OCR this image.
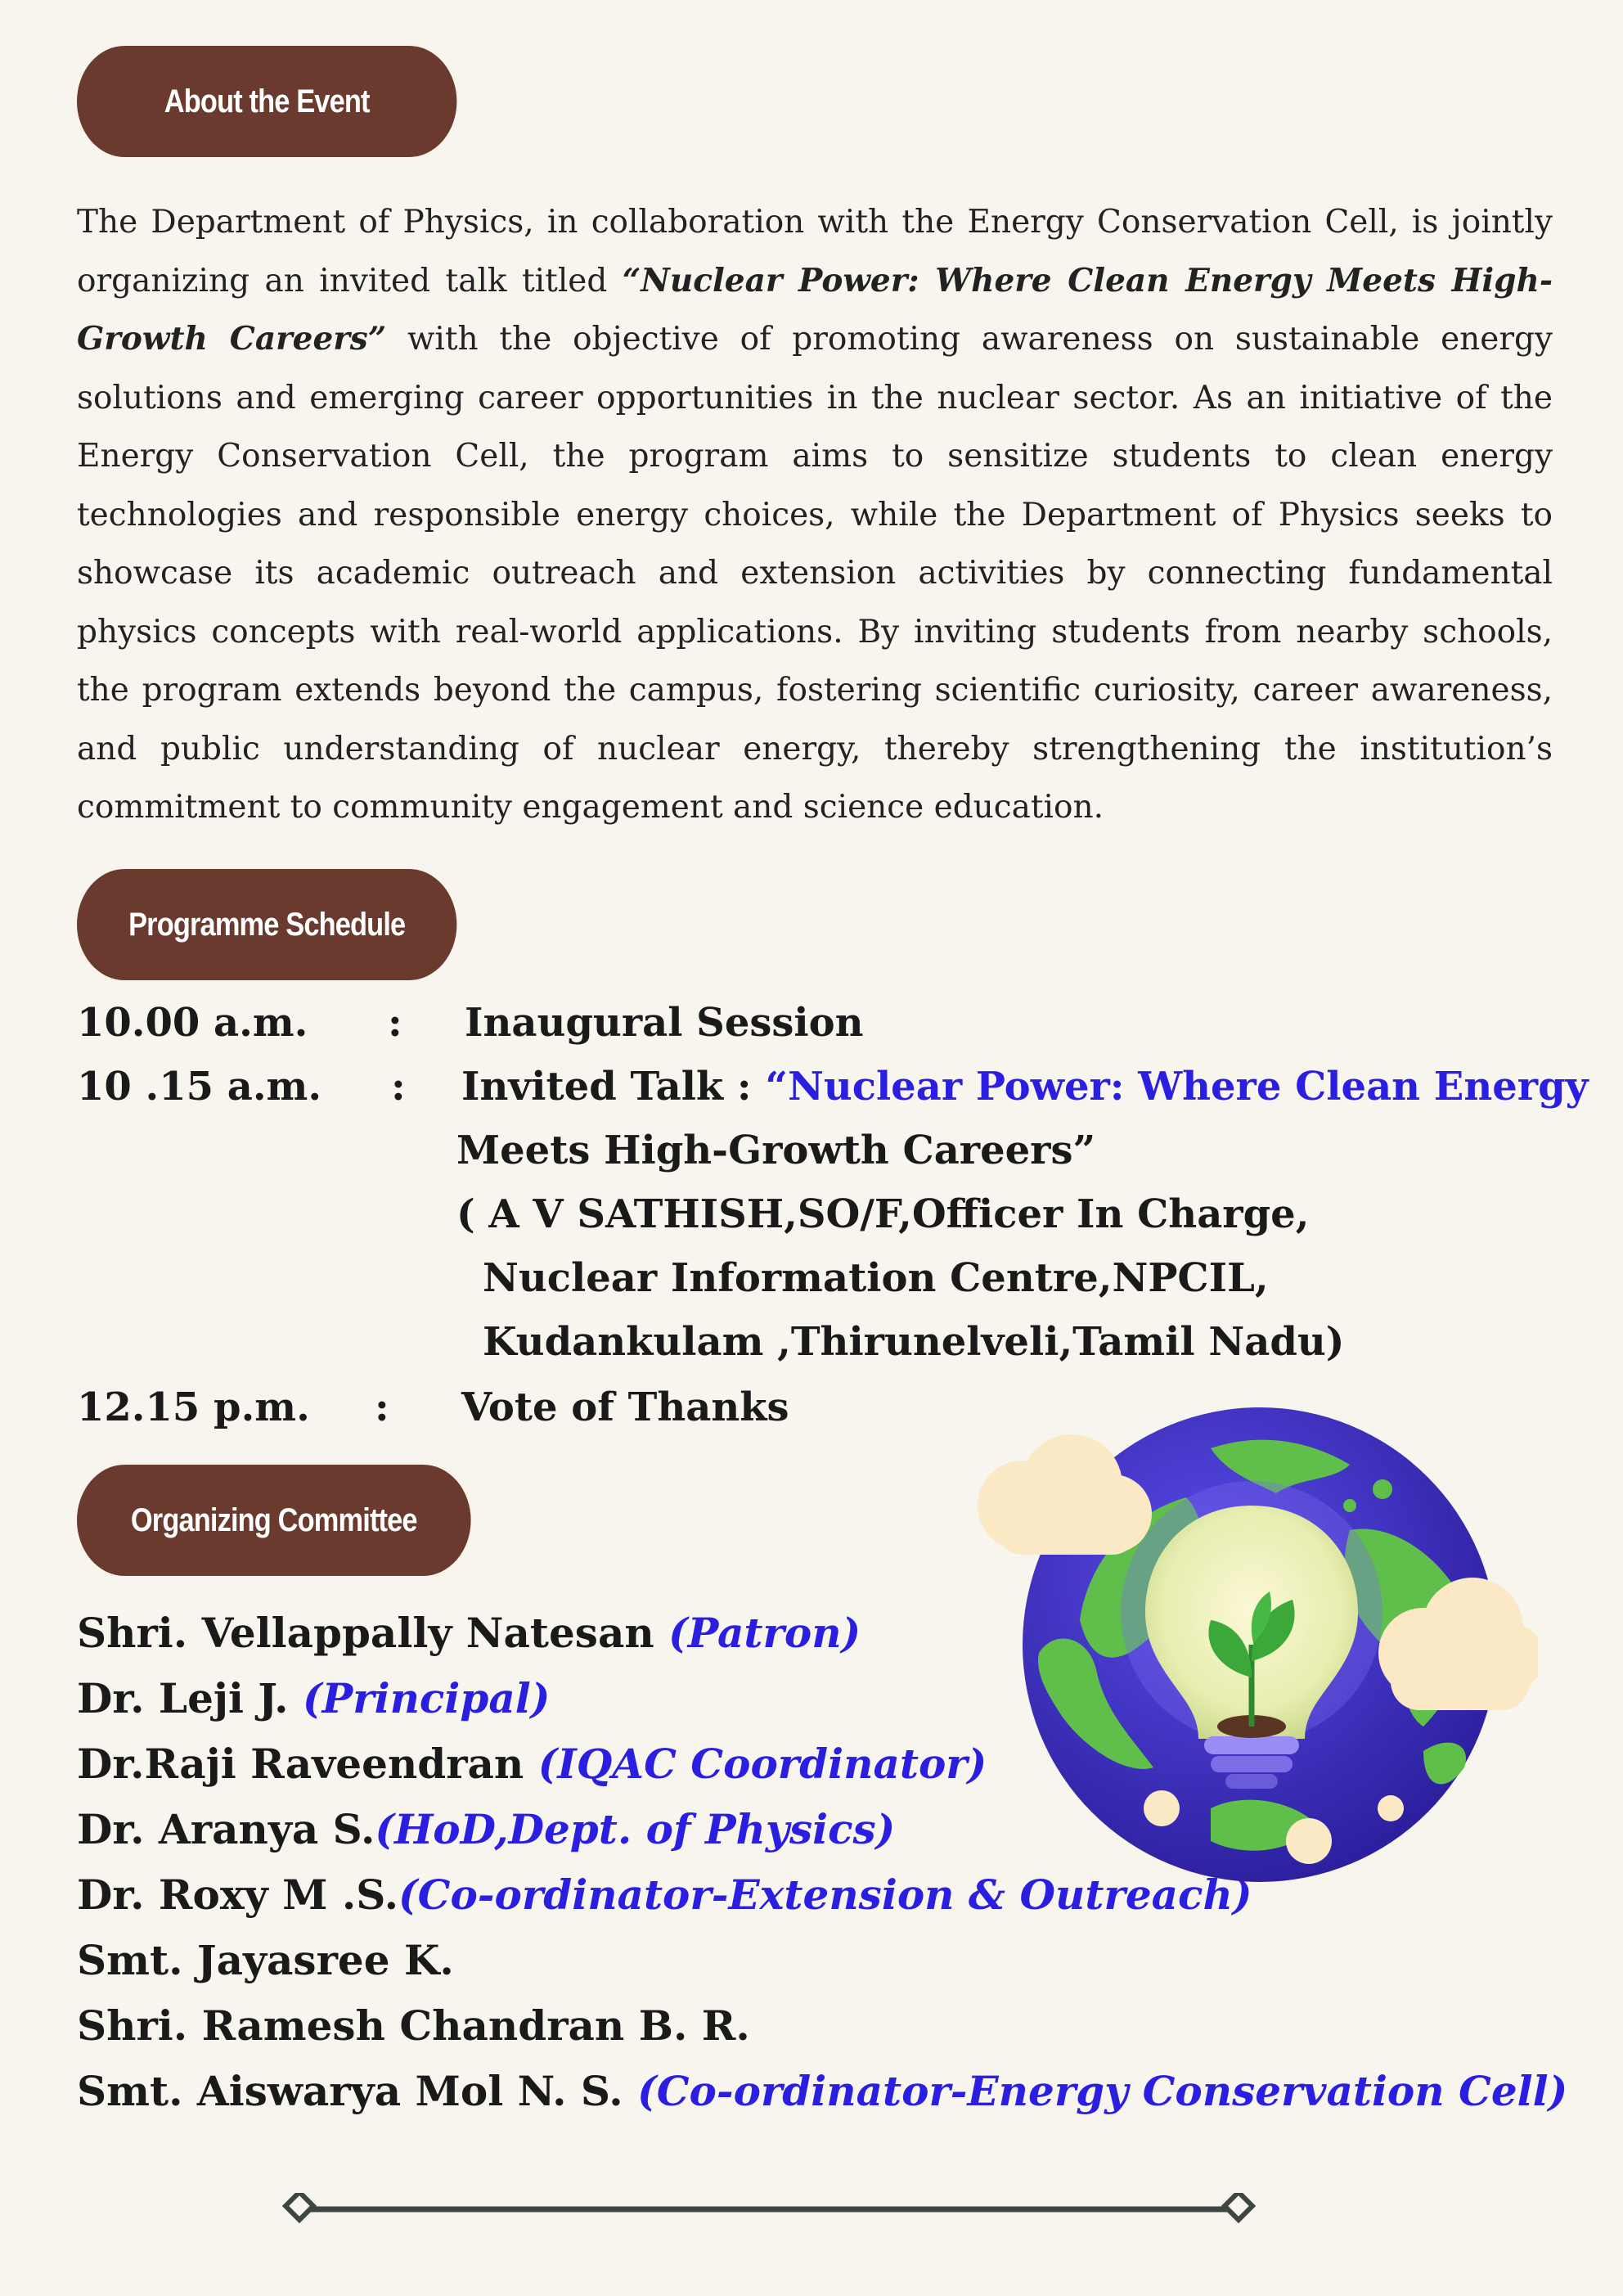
About the Event
The Department of Physics, in collaboration with the Energy Conservation Cell, is jointly organizing an invited talk titled “Nuclear Power: Where Clean Energy Meets High-Growth Careers” with the objective of promoting awareness on sustainable energy solutions and emerging career opportunities in the nuclear sector. As an initiative of the Energy Conservation Cell, the program aims to sensitize students to clean energy technologies and responsible energy choices, while the Department of Physics seeks to showcase its academic outreach and extension activities by connecting fundamental physics concepts with real-world applications. By inviting students from nearby schools, the program extends beyond the campus, fostering scientific curiosity, career awareness, and public understanding of nuclear energy, thereby strengthening the institution’s commitment to community engagement and science education.
Programme Schedule
10.00 a.m. : Inaugural Session
10 .15 a.m. : Invited Talk : “Nuclear Power: Where Clean Energy
Meets High-Growth Careers”
( A V SATHISH,SO/F,Officer In Charge,
Nuclear Information Centre,NPCIL,
Kudankulam ,Thirunelveli,Tamil Nadu)
12.15 p.m. : Vote of Thanks
Organizing Committee
Shri. Vellappally Natesan (Patron)
Dr. Leji J. (Principal)
Dr.Raji Raveendran (IQAC Coordinator)
Dr. Aranya S.(HoD,Dept. of Physics)
Dr. Roxy M .S.(Co-ordinator-Extension & Outreach)
Smt. Jayasree K.
Shri. Ramesh Chandran B. R.
Smt. Aiswarya Mol N. S. (Co-ordinator-Energy Conservation Cell)
